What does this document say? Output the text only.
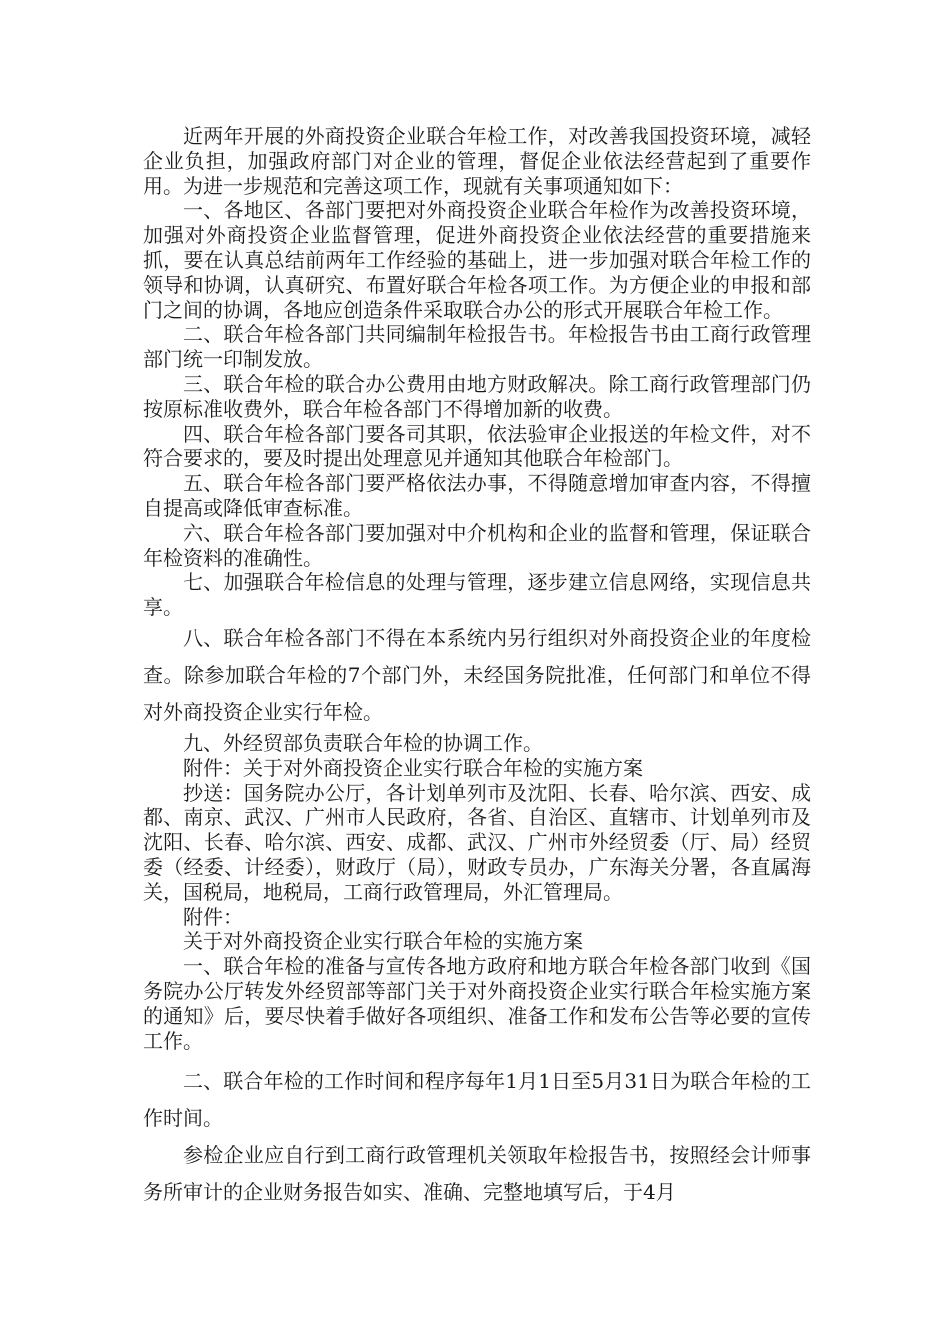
近两年开展的外商投资企业联合年检工作，对改善我国投资环境，减轻企业负担，加强政府部门对企业的管理，督促企业依法经营起到了重要作用。为进一步规范和完善这项工作，现就有关事项通知如下：

一、各地区、各部门要把对外商投资企业联合年检作为改善投资环境，加强对外商投资企业监督管理，促进外商投资企业依法经营的重要措施来抓，要在认真总结前两年工作经验的基础上，进一步加强对联合年检工作的领导和协调，认真研究、布置好联合年检各项工作。为方便企业的申报和部门之间的协调，各地应创造条件采取联合办公的形式开展联合年检工作。

二、联合年检各部门共同编制年检报告书。年检报告书由工商行政管理部门统一印制发放。

三、联合年检的联合办公费用由地方财政解决。除工商行政管理部门仍按原标准收费外，联合年检各部门不得增加新的收费。

四、联合年检各部门要各司其职，依法验审企业报送的年检文件，对不符合要求的，要及时提出处理意见并通知其他联合年检部门。

五、联合年检各部门要严格依法办事，不得随意增加审查内容，不得擅自提高或降低审查标准。

六、联合年检各部门要加强对中介机构和企业的监督和管理，保证联合年检资料的准确性。

七、加强联合年检信息的处理与管理，逐步建立信息网络，实现信息共享。

八、联合年检各部门不得在本系统内另行组织对外商投资企业的年度检查。除参加联合年检的7个部门外，未经国务院批准，任何部门和单位不得对外商投资企业实行年检。

九、外经贸部负责联合年检的协调工作。

附件：关于对外商投资企业实行联合年检的实施方案

抄送：国务院办公厅，各计划单列市及沈阳、长春、哈尔滨、西安、成都、南京、武汉、广州市人民政府，各省、自治区、直辖市、计划单列市及沈阳、长春、哈尔滨、西安、成都、武汉、广州市外经贸委（厅、局）经贸委（经委、计经委），财政厅（局），财政专员办，广东海关分署，各直属海关，国税局，地税局，工商行政管理局，外汇管理局。

附件：

关于对外商投资企业实行联合年检的实施方案

一、联合年检的准备与宣传各地方政府和地方联合年检各部门收到《国务院办公厅转发外经贸部等部门关于对外商投资企业实行联合年检实施方案的通知》后，要尽快着手做好各项组织、准备工作和发布公告等必要的宣传工作。

二、联合年检的工作时间和程序每年1月1日至5月31日为联合年检的工作时间。

参检企业应自行到工商行政管理机关领取年检报告书，按照经会计师事务所审计的企业财务报告如实、准确、完整地填写后，于4月
